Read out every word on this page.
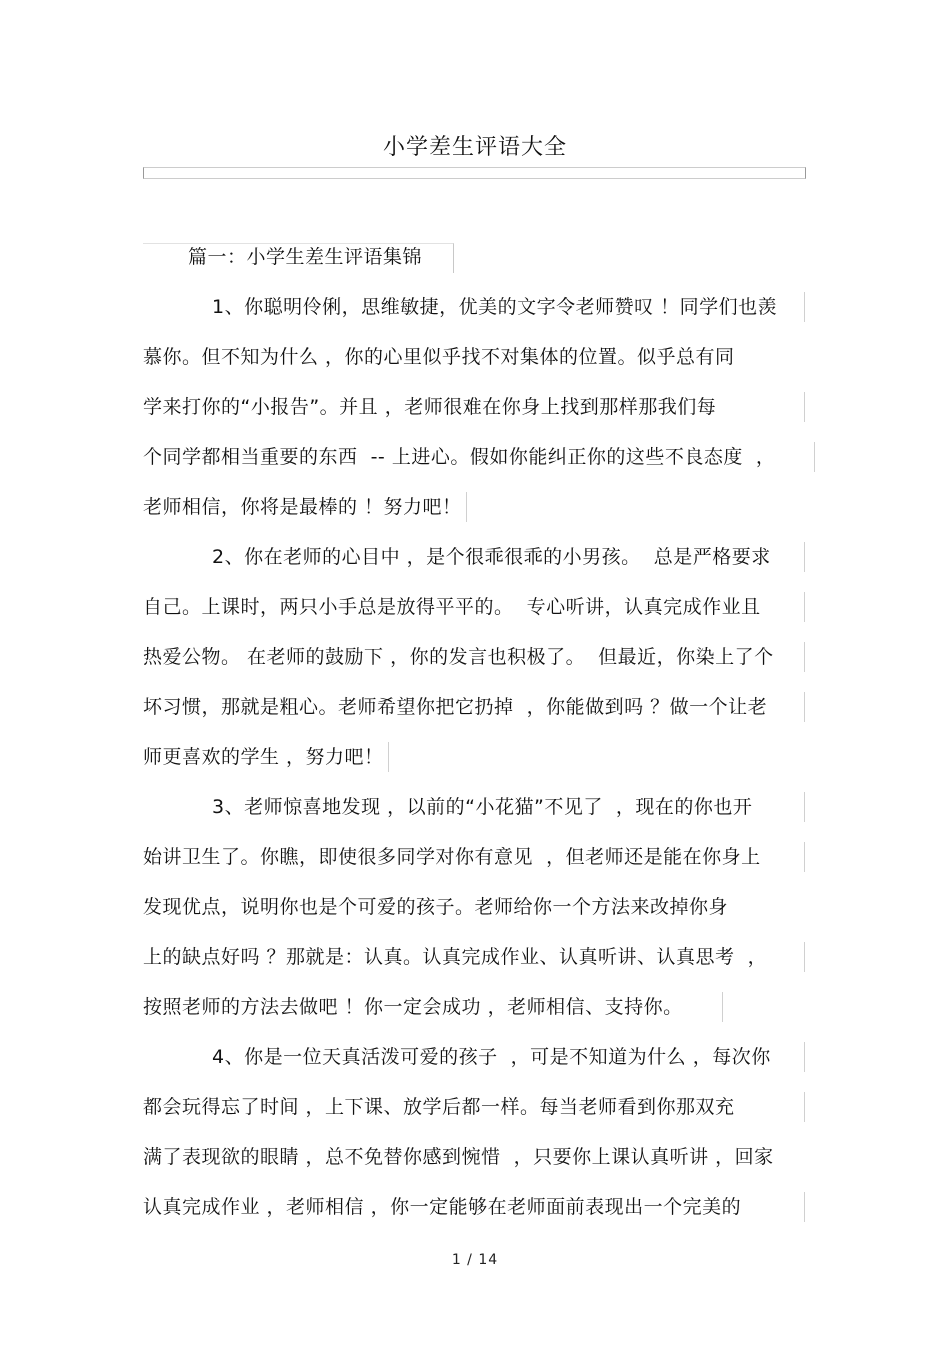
小学差生评语大全
篇一：小学生差生评语集锦
1、你聪明伶俐，思维敏捷，优美的文字令老师赞叹 ！同学们也羡
慕你。但不知为什么 ，你的心里似乎找不对集体的位置。似乎总有同
学来打你的“小报告”。并且 ，老师很难在你身上找到那样那我们每
个同学都相当重要的东西  -- 上进心。假如你能纠正你的这些不良态度  ，
老师相信，你将是最棒的 ！努力吧！
2、你在老师的心目中 ，是个很乖很乖的小男孩。  总是严格要求
自己。上课时，两只小手总是放得平平的。  专心听讲，认真完成作业且
热爱公物。 在老师的鼓励下 ，你的发言也积极了。  但最近，你染上了个
坏习惯，那就是粗心。老师希望你把它扔掉  ，你能做到吗 ？做一个让老
师更喜欢的学生 ，努力吧！
3、老师惊喜地发现 ，以前的“小花猫”不见了  ，现在的你也开
始讲卫生了。你瞧，即使很多同学对你有意见  ，但老师还是能在你身上
发现优点，说明你也是个可爱的孩子。老师给你一个方法来改掉你身
上的缺点好吗 ？那就是：认真。认真完成作业、认真听讲、认真思考  ，
按照老师的方法去做吧 ！你一定会成功 ，老师相信、支持你。
4、你是一位天真活泼可爱的孩子  ，可是不知道为什么 ，每次你
都会玩得忘了时间 ，上下课、放学后都一样。每当老师看到你那双充
满了表现欲的眼睛 ，总不免替你感到惋惜  ，只要你上课认真听讲 ，回家
认真完成作业 ，老师相信 ，你一定能够在老师面前表现出一个完美的
1 / 14
